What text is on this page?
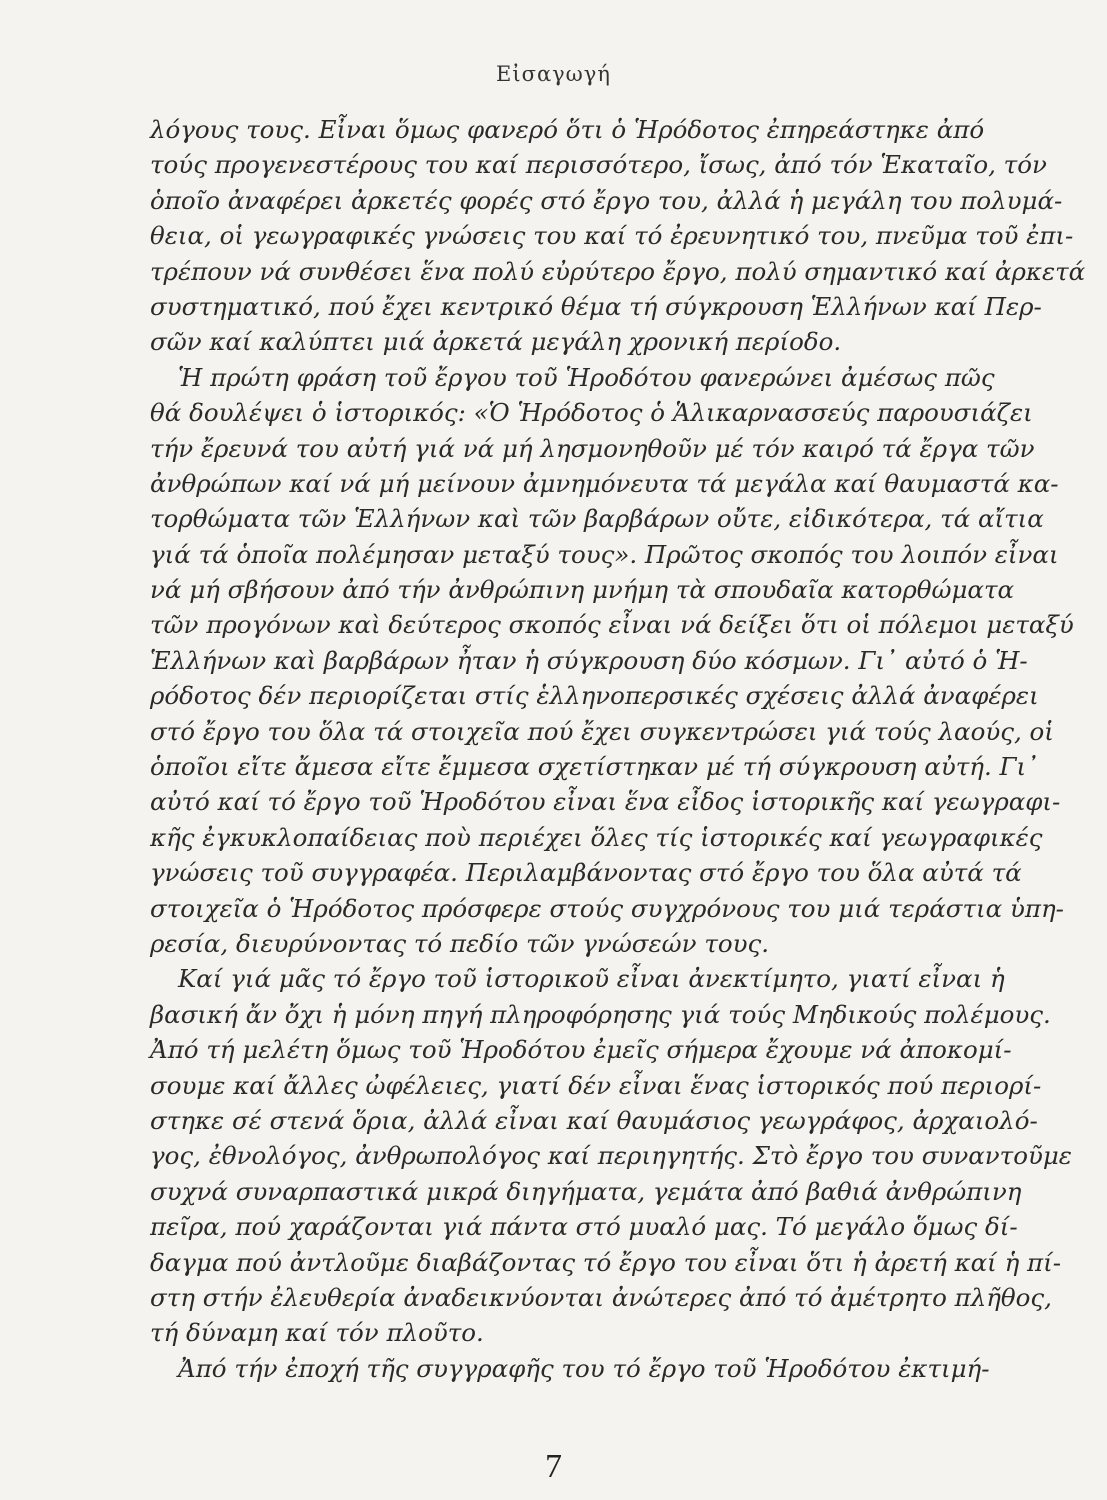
Εἰσαγωγή
λόγους τους. Εἶναι ὅμως φανερό ὅτι ὁ Ἡρόδοτος ἐπηρεάστηκε ἀπό
τούς προγενεστέρους του καί περισσότερο, ἴσως, ἀπό τόν Ἑκαταῖο, τόν
ὁποῖο ἀναφέρει ἀρκετές φορές στό ἔργο του, ἀλλά ἡ μεγάλη του πολυμά-
θεια, οἱ γεωγραφικές γνώσεις του καί τό ἐρευνητικό του, πνεῦμα τοῦ ἐπι-
τρέπουν νά συνθέσει ἕνα πολύ εὐρύτερο ἔργο, πολύ σημαντικό καί ἀρκετά
συστηματικό, πού ἔχει κεντρικό θέμα τή σύγκρουση Ἑλλήνων καί Περ-
σῶν καί καλύπτει μιά ἀρκετά μεγάλη χρονική περίοδο.
Ἡ πρώτη φράση τοῦ ἔργου τοῦ Ἡροδότου φανερώνει ἀμέσως πῶς
θά δουλέψει ὁ ἱστορικός: «Ὁ Ἡρόδοτος ὁ Ἁλικαρνασσεύς παρουσιάζει
τήν ἔρευνά του αὐτή γιά νά μή λησμονηθοῦν μέ τόν καιρό τά ἔργα τῶν
ἀνθρώπων καί νά μή μείνουν ἀμνημόνευτα τά μεγάλα καί θαυμαστά κα-
τορθώματα τῶν Ἑλλήνων καὶ τῶν βαρβάρων οὔτε, εἰδικότερα, τά αἴτια
γιά τά ὁποῖα πολέμησαν μεταξύ τους». Πρῶτος σκοπός του λοιπόν εἶναι
νά μή σβήσουν ἀπό τήν ἀνθρώπινη μνήμη τὰ σπουδαῖα κατορθώματα
τῶν προγόνων καὶ δεύτερος σκοπός εἶναι νά δείξει ὅτι οἱ πόλεμοι μεταξύ
Ἑλλήνων καὶ βαρβάρων ἦταν ἡ σύγκρουση δύο κόσμων. Γι᾽ αὐτό ὁ Ἡ-
ρόδοτος δέν περιορίζεται στίς ἑλληνοπερσικές σχέσεις ἀλλά ἀναφέρει
στό ἔργο του ὅλα τά στοιχεῖα πού ἔχει συγκεντρώσει γιά τούς λαούς, οἱ
ὁποῖοι εἴτε ἄμεσα εἴτε ἔμμεσα σχετίστηκαν μέ τή σύγκρουση αὐτή. Γι᾽
αὐτό καί τό ἔργο τοῦ Ἡροδότου εἶναι ἕνα εἶδος ἱστορικῆς καί γεωγραφι-
κῆς ἐγκυκλοπαίδειας ποὺ περιέχει ὅλες τίς ἱστορικές καί γεωγραφικές
γνώσεις τοῦ συγγραφέα. Περιλαμβάνοντας στό ἔργο του ὅλα αὐτά τά
στοιχεῖα ὁ Ἡρόδοτος πρόσφερε στούς συγχρόνους του μιά τεράστια ὑπη-
ρεσία, διευρύνοντας τό πεδίο τῶν γνώσεών τους.
Καί γιά μᾶς τό ἔργο τοῦ ἱστορικοῦ εἶναι ἀνεκτίμητο, γιατί εἶναι ἡ
βασική ἄν ὄχι ἡ μόνη πηγή πληροφόρησης γιά τούς Μηδικούς πολέμους.
Ἀπό τή μελέτη ὅμως τοῦ Ἡροδότου ἐμεῖς σήμερα ἔχουμε νά ἀποκομί-
σουμε καί ἄλλες ὠφέλειες, γιατί δέν εἶναι ἕνας ἱστορικός πού περιορί-
στηκε σέ στενά ὅρια, ἀλλά εἶναι καί θαυμάσιος γεωγράφος, ἀρχαιολό-
γος, ἐθνολόγος, ἀνθρωπολόγος καί περιηγητής. Στὸ ἔργο του συναντοῦμε
συχνά συναρπαστικά μικρά διηγήματα, γεμάτα ἀπό βαθιά ἀνθρώπινη
πεῖρα, πού χαράζονται γιά πάντα στό μυαλό μας. Τό μεγάλο ὅμως δί-
δαγμα πού ἀντλοῦμε διαβάζοντας τό ἔργο του εἶναι ὅτι ἡ ἀρετή καί ἡ πί-
στη στήν ἐλευθερία ἀναδεικνύονται ἀνώτερες ἀπό τό ἀμέτρητο πλῆθος,
τή δύναμη καί τόν πλοῦτο.
Ἀπό τήν ἐποχή τῆς συγγραφῆς του τό ἔργο τοῦ Ἡροδότου ἐκτιμή-
7
